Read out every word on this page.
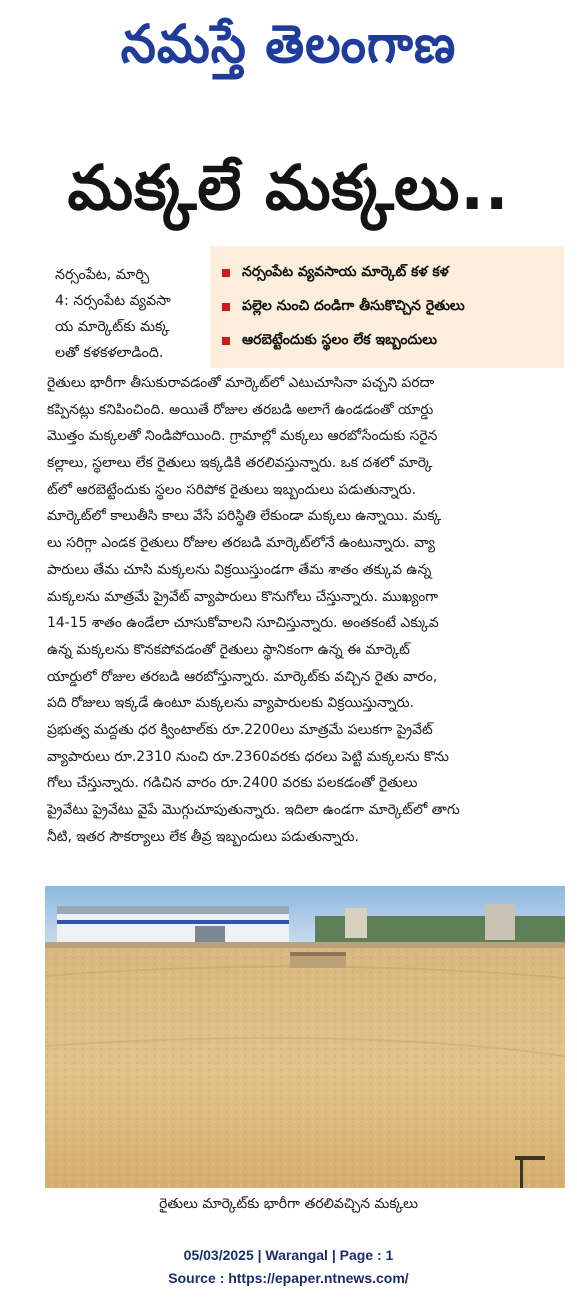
నమస్తే తెలంగాణ
మక్కలే మక్కలు..
నర్సంపేట, మార్చి
4: నర్సంపేట వ్యవసా
య మార్కెట్‌కు మక్క
లతో కళకళలాడింది.
నర్సంపేట వ్యవసాయ మార్కెట్ కళ కళ
పల్లెల నుంచి దండిగా తీసుకొచ్చిన రైతులు
ఆరబెట్టేందుకు స్థలం లేక ఇబ్బందులు
రైతులు భారీగా తీసుకురావడంతో మార్కెట్‌లో ఎటుచూసినా పచ్చని పరదా
కప్పినట్లు కనిపించింది. అయితే రోజుల తరబడి అలాగే ఉండడంతో యార్డు
మొత్తం మక్కలతో నిండిపోయింది. గ్రామాల్లో మక్కలు ఆరబోసేందుకు సరైన
కల్లాలు, స్థలాలు లేక రైతులు ఇక్కడికి తరలివస్తున్నారు. ఒక దశలో మార్కె
ట్‌లో ఆరబెట్టేందుకు స్థలం సరిపోక రైతులు ఇబ్బందులు పడుతున్నారు.
మార్కెట్‌లో కాలుతీసి కాలు వేసే పరిస్థితి లేకుండా మక్కలు ఉన్నాయి. మక్క
లు సరిగ్గా ఎండక రైతులు రోజుల తరబడి మార్కెట్‌లోనే ఉంటున్నారు. వ్యా
పారులు తేమ చూసి మక్కలను విక్రయిస్తుండగా తేమ శాతం తక్కువ ఉన్న
మక్కలను మాత్రమే ప్రైవేట్ వ్యాపారులు కొనుగోలు చేస్తున్నారు. ముఖ్యంగా
14-15 శాతం ఉండేలా చూసుకోవాలని సూచిస్తున్నారు. అంతకంటే ఎక్కువ
ఉన్న మక్కలను కొనకపోవడంతో రైతులు స్థానికంగా ఉన్న ఈ మార్కెట్
యార్డులో రోజుల తరబడి ఆరబోస్తున్నారు. మార్కెట్‌కు వచ్చిన రైతు వారం,
పది రోజులు ఇక్కడే ఉంటూ మక్కలను వ్యాపారులకు విక్రయిస్తున్నారు.
ప్రభుత్వ మద్దతు ధర క్వింటాల్‌కు రూ.2200లు మాత్రమే పలుకగా ప్రైవేట్
వ్యాపారులు రూ.2310 నుంచి రూ.2360వరకు ధరలు పెట్టి మక్కలను కొను
గోలు చేస్తున్నారు. గడిచిన వారం రూ.2400 వరకు పలకడంతో రైతులు
ప్రైవేటు ప్రైవేటు వైపే మొగ్గుచూపుతున్నారు. ఇదిలా ఉండగా మార్కెట్‌లో తాగు
నీటి, ఇతర సౌకర్యాలు లేక తీవ్ర ఇబ్బందులు పడుతున్నారు.
రైతులు మార్కెట్‌కు భారీగా తరలివచ్చిన మక్కలు
05/03/2025 | Warangal | Page : 1
Source : https://epaper.ntnews.com/
